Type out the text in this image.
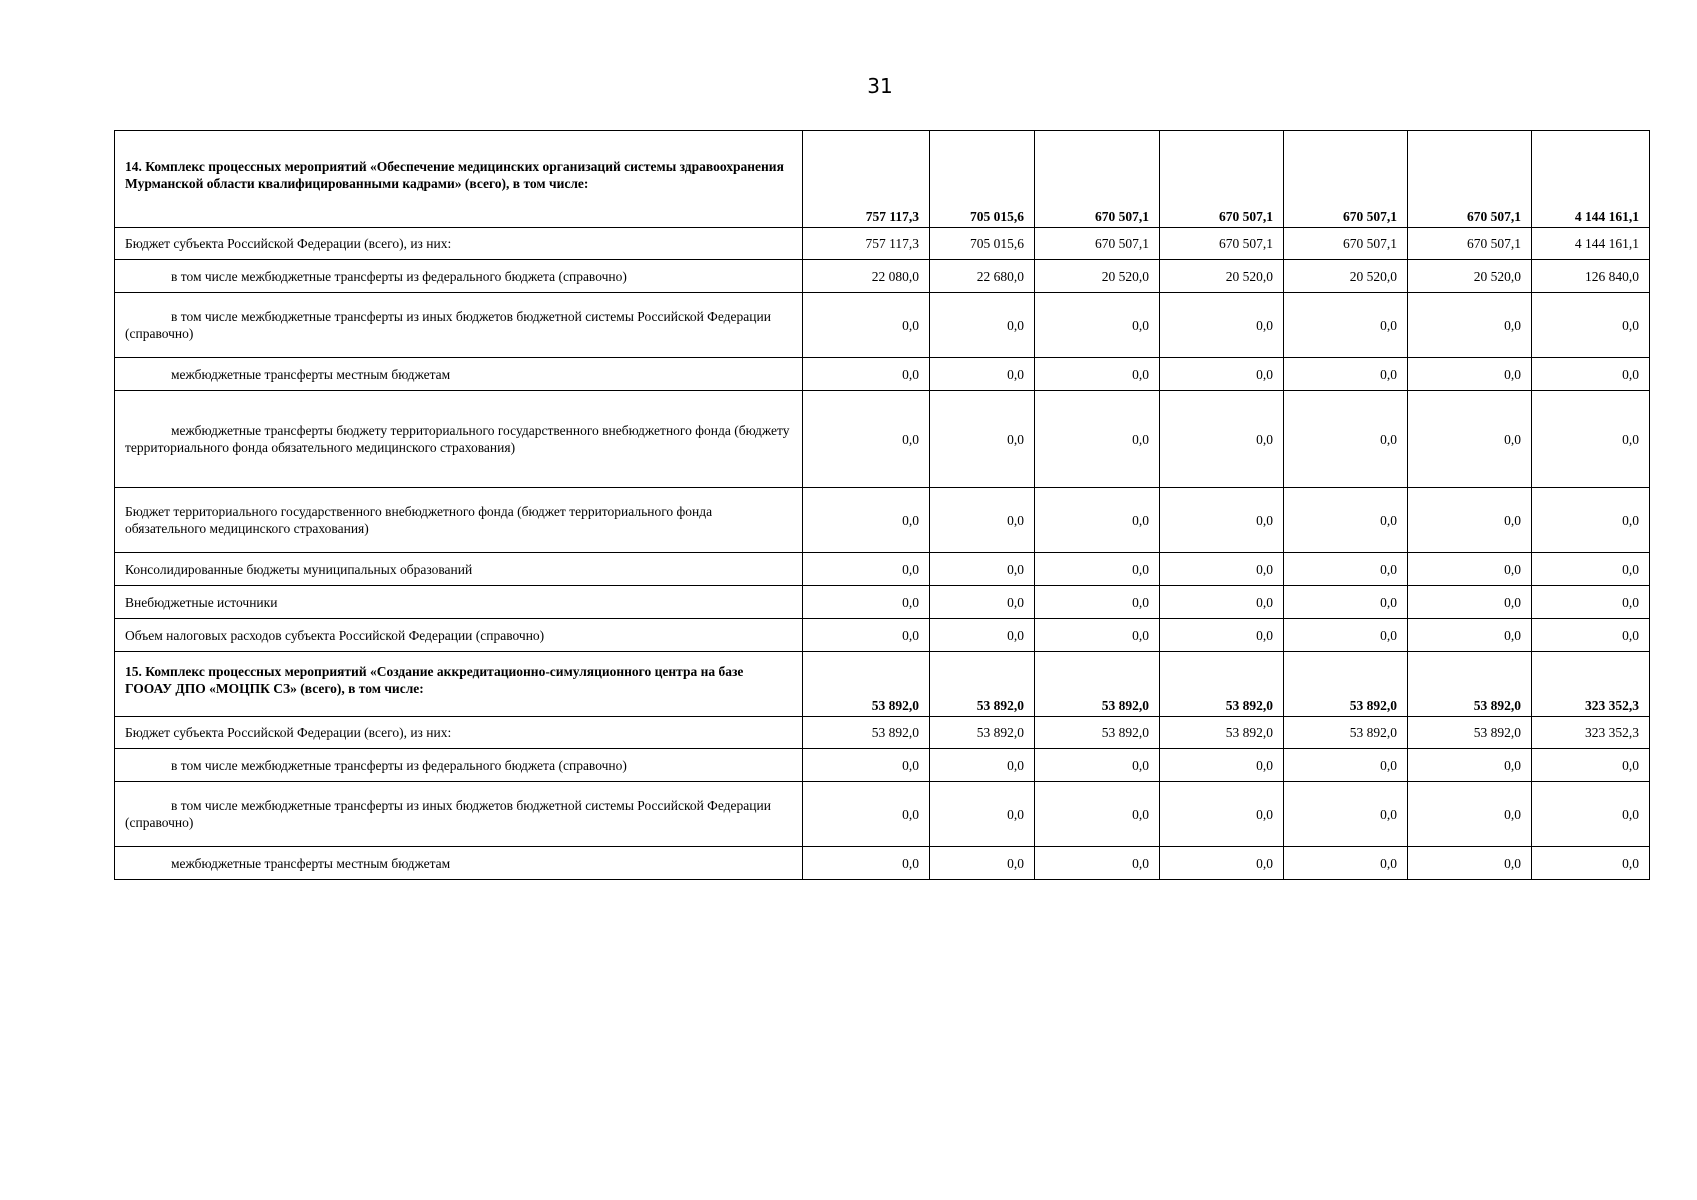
31
14. Комплекс процессных мероприятий «Обеспечение медицинских организаций системы здравоохранения Мурманской области квалифицированными кадрами» (всего), в том числе:	757 117,3	705 015,6	670 507,1	670 507,1	670 507,1	670 507,1	4 144 161,1
Бюджет субъекта Российской Федерации (всего), из них:	757 117,3	705 015,6	670 507,1	670 507,1	670 507,1	670 507,1	4 144 161,1
в том числе межбюджетные трансферты из федерального бюджета (справочно)	22 080,0	22 680,0	20 520,0	20 520,0	20 520,0	20 520,0	126 840,0
в том числе межбюджетные трансферты из иных бюджетов бюджетной системы Российской Федерации (справочно)	0,0	0,0	0,0	0,0	0,0	0,0	0,0
межбюджетные трансферты местным бюджетам	0,0	0,0	0,0	0,0	0,0	0,0	0,0
межбюджетные трансферты бюджету территориального государственного внебюджетного фонда (бюджету территориального фонда обязательного медицинского страхования)	0,0	0,0	0,0	0,0	0,0	0,0	0,0
Бюджет территориального государственного внебюджетного фонда (бюджет территориального фонда обязательного медицинского страхования)	0,0	0,0	0,0	0,0	0,0	0,0	0,0
Консолидированные бюджеты муниципальных образований	0,0	0,0	0,0	0,0	0,0	0,0	0,0
Внебюджетные источники	0,0	0,0	0,0	0,0	0,0	0,0	0,0
Объем налоговых расходов субъекта Российской Федерации (справочно)	0,0	0,0	0,0	0,0	0,0	0,0	0,0
15. Комплекс процессных мероприятий «Создание аккредитационно-симуляционного центра на базе ГООАУ ДПО «МОЦПК СЗ» (всего), в том числе:	53 892,0	53 892,0	53 892,0	53 892,0	53 892,0	53 892,0	323 352,3
Бюджет субъекта Российской Федерации (всего), из них:	53 892,0	53 892,0	53 892,0	53 892,0	53 892,0	53 892,0	323 352,3
в том числе межбюджетные трансферты из федерального бюджета (справочно)	0,0	0,0	0,0	0,0	0,0	0,0	0,0
в том числе межбюджетные трансферты из иных бюджетов бюджетной системы Российской Федерации (справочно)	0,0	0,0	0,0	0,0	0,0	0,0	0,0
межбюджетные трансферты местным бюджетам	0,0	0,0	0,0	0,0	0,0	0,0	0,0
